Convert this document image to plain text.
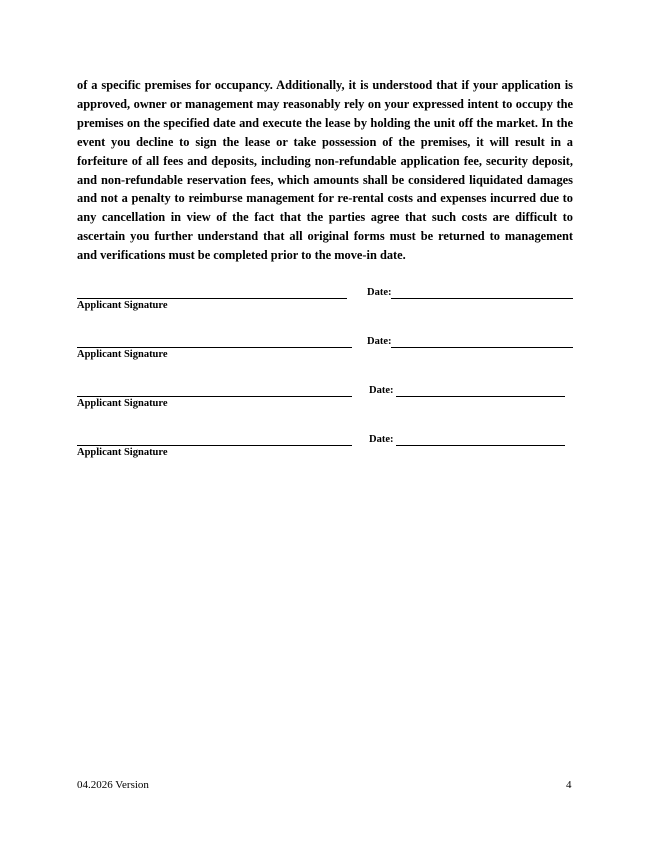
of a specific premises for occupancy. Additionally, it is understood that if your application is approved, owner or management may reasonably rely on your expressed intent to occupy the premises on the specified date and execute the lease by holding the unit off the market. In the event you decline to sign the lease or take possession of the premises, it will result in a forfeiture of all fees and deposits, including non-refundable application fee, security deposit, and non-refundable reservation fees, which amounts shall be considered liquidated damages and not a penalty to reimburse management for re-rental costs and expenses incurred due to any cancellation in view of the fact that the parties agree that such costs are difficult to ascertain you further understand that all original forms must be returned to management and verifications must be completed prior to the move-in date.

Applicant Signature
Date:
Applicant Signature
Date:
Applicant Signature
Date:
Applicant Signature
Date:
04.2026 Version	4
